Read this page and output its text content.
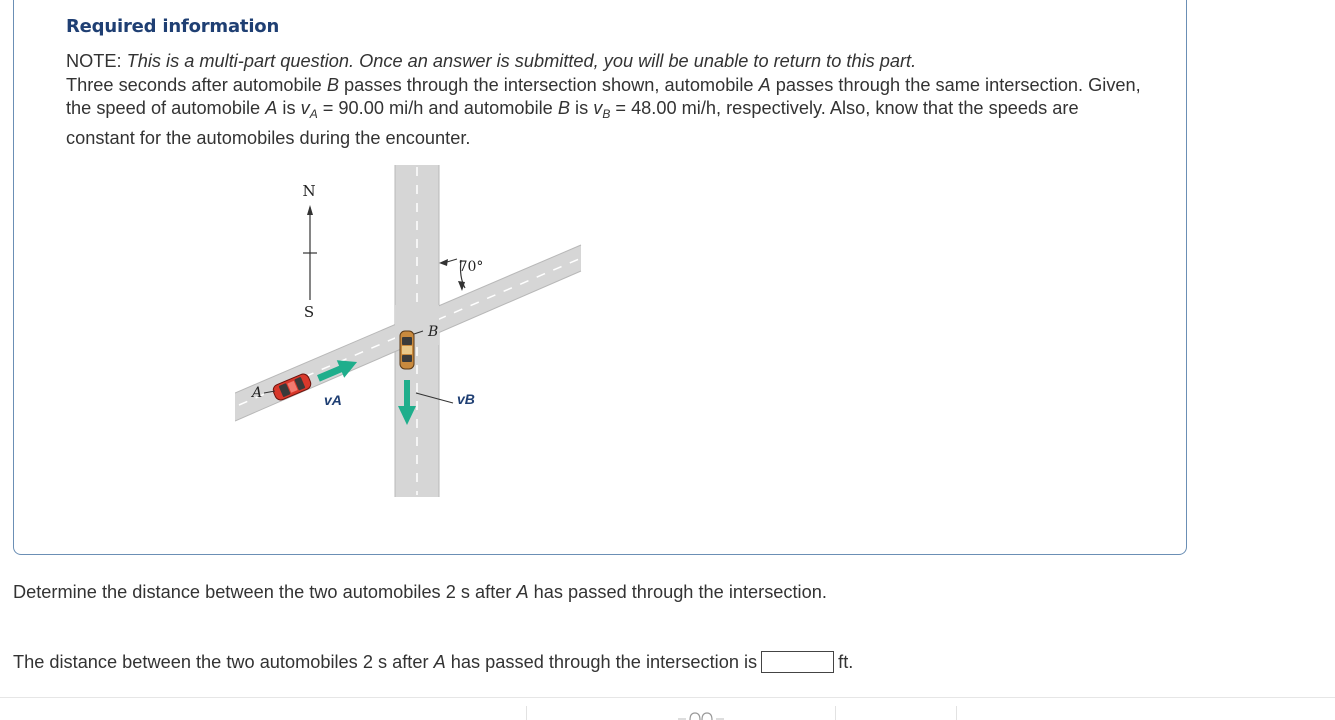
Required information
NOTE: This is a multi-part question. Once an answer is submitted, you will be unable to return to this part.
Three seconds after automobile B passes through the intersection shown, automobile A passes through the same intersection. Given, the speed of automobile A is $v_A = 90.00$ mi/h and automobile B is $v_B = 48.00$ mi/h, respectively. Also, know that the speeds are constant for the automobiles during the encounter.
N
S
70°
B
vB
A	vA
Determine the distance between the two automobiles 2 s after A has passed through the intersection.
The distance between the two automobiles 2 s after
A
has passed through the intersection is	ft.
